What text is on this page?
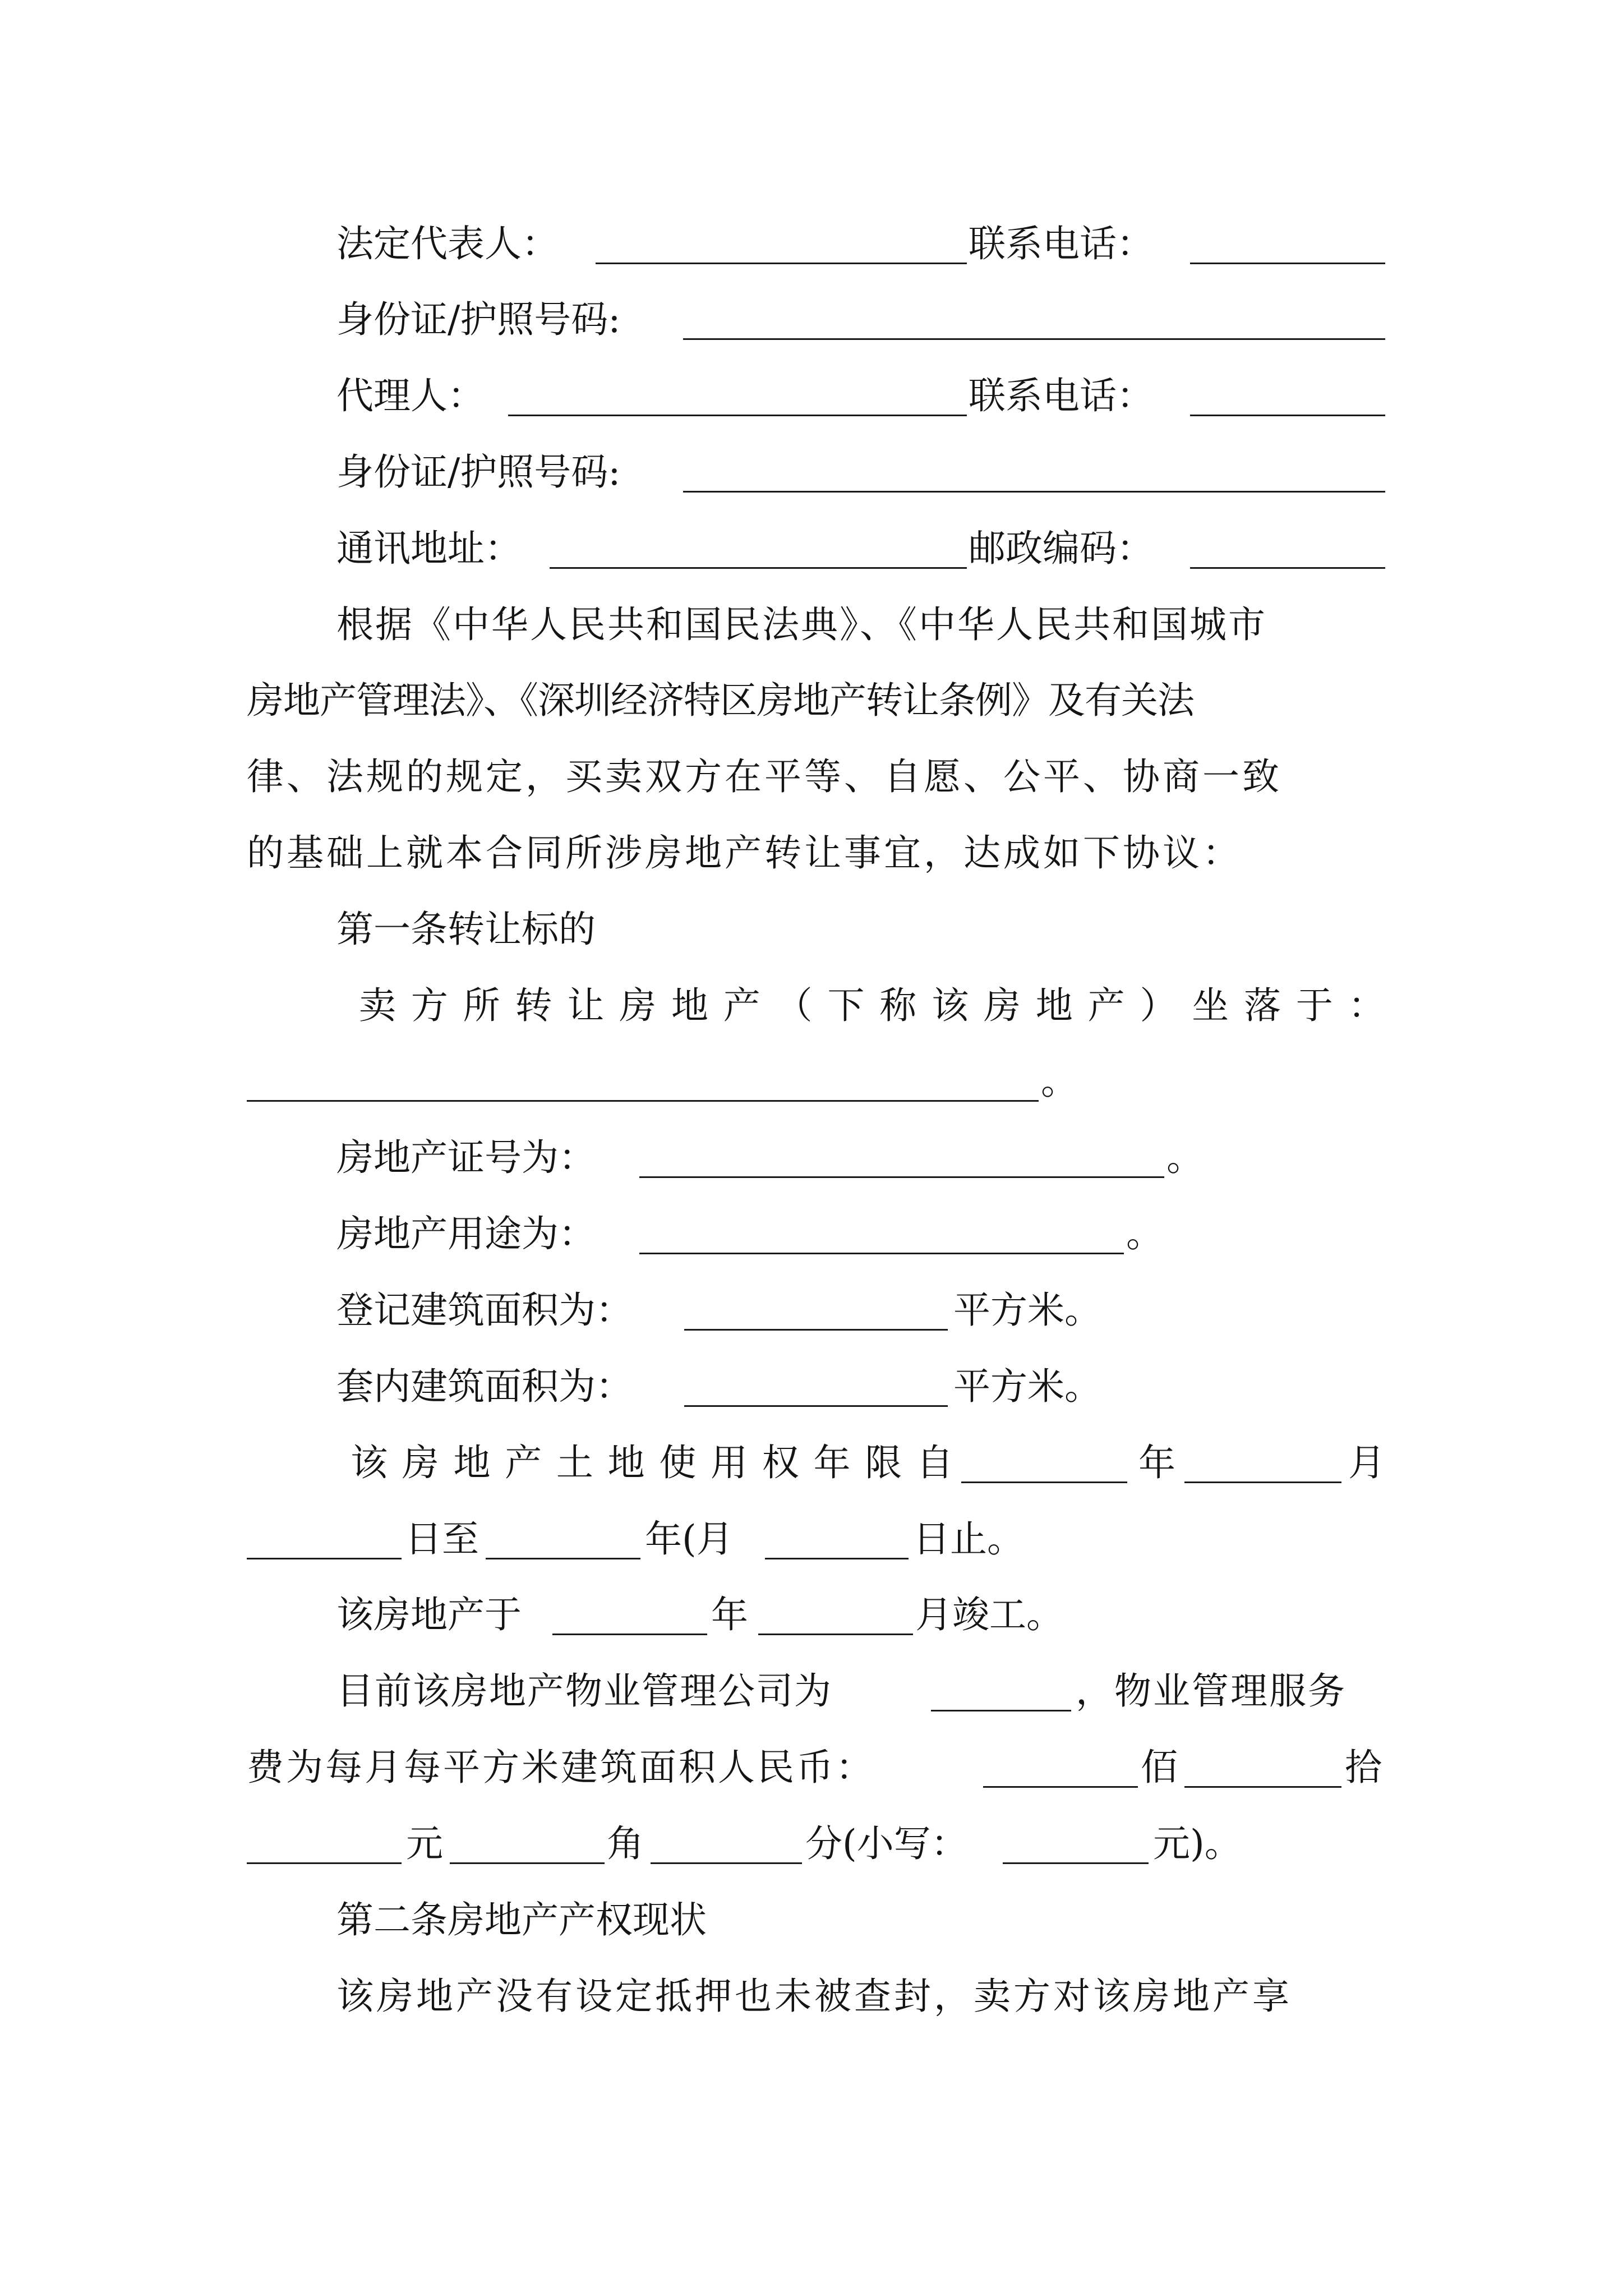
法定代表人：	联系电话：
身份证/护照号码:
代理人：	联系电话：
身份证/护照号码:
通讯地址：	邮政编码：
根据《中华人民共和国民法典》、《中华人民共和国城市
房地产管理法》、《深圳经济特区房地产转让条例》及有关法
律、法规的规定，买卖双方在平等、自愿、公平、协商一致
的基础上就本合同所涉房地产转让事宜，达成如下协议：
第一条转让标的
卖 方 所 转 让 房 地 产 （ 下 称 该 房 地 产 ） 坐 落 于 ：
。
房地产证号为：	。
房地产用途为：	。
登记建筑面积为：	平方米。
套内建筑面积为：	平方米。
该 房 地 产 土 地 使 用 权 年 限 自	年	月
日至	年(月	日止。
该房地产于	年	月竣工。
目前该房地产物业管理公司为	，物业管理服务
费为每月每平方米建筑面积人民币：	佰	拾
元	角	分(小写：	元)。
第二条房地产产权现状
该房地产没有设定抵押也未被查封，卖方对该房地产享
